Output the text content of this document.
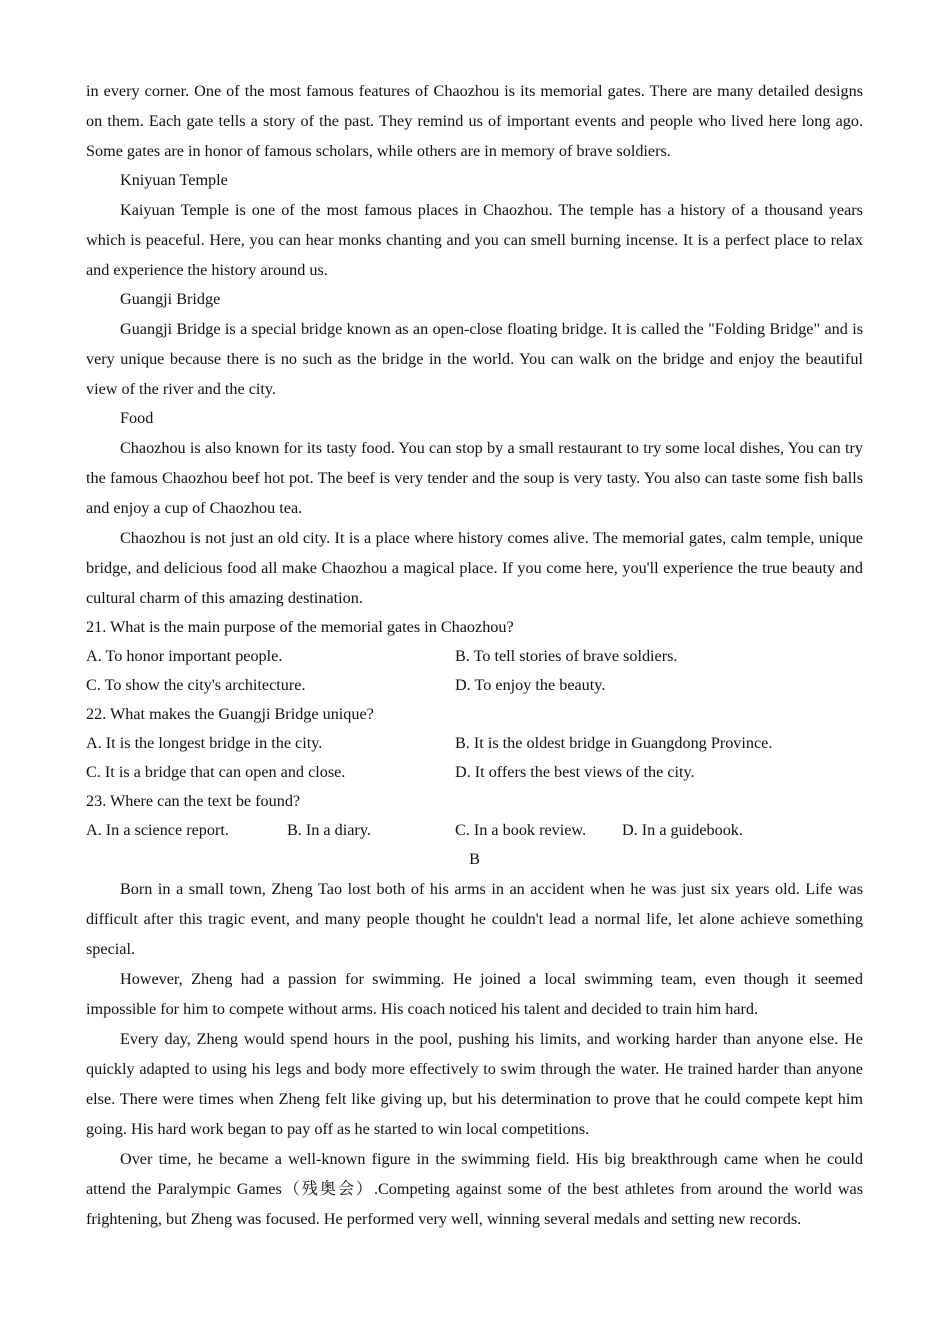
in every corner. One of the most famous features of Chaozhou is its memorial gates. There are many detailed designs on them. Each gate tells a story of the past. They remind us of important events and people who lived here long ago. Some gates are in honor of famous scholars, while others are in memory of brave soldiers.

Kniyuan Temple

Kaiyuan Temple is one of the most famous places in Chaozhou. The temple has a history of a thousand years which is peaceful. Here, you can hear monks chanting and you can smell burning incense. It is a perfect place to relax and experience the history around us.

Guangji Bridge

Guangji Bridge is a special bridge known as an open-close floating bridge. It is called the "Folding Bridge" and is very unique because there is no such as the bridge in the world. You can walk on the bridge and enjoy the beautiful view of the river and the city.

Food

Chaozhou is also known for its tasty food. You can stop by a small restaurant to try some local dishes, You can try the famous Chaozhou beef hot pot. The beef is very tender and the soup is very tasty. You also can taste some fish balls and enjoy a cup of Chaozhou tea.

Chaozhou is not just an old city. It is a place where history comes alive. The memorial gates, calm temple, unique bridge, and delicious food all make Chaozhou a magical place. If you come here, you'll experience the true beauty and cultural charm of this amazing destination.

21. What is the main purpose of the memorial gates in Chaozhou?

A. To honor important people.	B. To tell stories of brave soldiers.
C. To show the city's architecture.	D. To enjoy the beauty.

22. What makes the Guangji Bridge unique?

A. It is the longest bridge in the city.	B. It is the oldest bridge in Guangdong Province.
C. It is a bridge that can open and close.	D. It offers the best views of the city.

23. Where can the text be found?

A. In a science report.	B. In a diary.	C. In a book review. D. In a guidebook.

B

Born in a small town, Zheng Tao lost both of his arms in an accident when he was just six years old. Life was difficult after this tragic event, and many people thought he couldn't lead a normal life, let alone achieve something special.

However, Zheng had a passion for swimming. He joined a local swimming team, even though it seemed impossible for him to compete without arms. His coach noticed his talent and decided to train him hard.

Every day, Zheng would spend hours in the pool, pushing his limits, and working harder than anyone else. He quickly adapted to using his legs and body more effectively to swim through the water. He trained harder than anyone else. There were times when Zheng felt like giving up, but his determination to prove that he could compete kept him going. His hard work began to pay off as he started to win local competitions.

Over time, he became a well-known figure in the swimming field. His big breakthrough came when he could attend the Paralympic Games（残奥会）.Competing against some of the best athletes from around the world was frightening, but Zheng was focused. He performed very well, winning several medals and setting new records.
